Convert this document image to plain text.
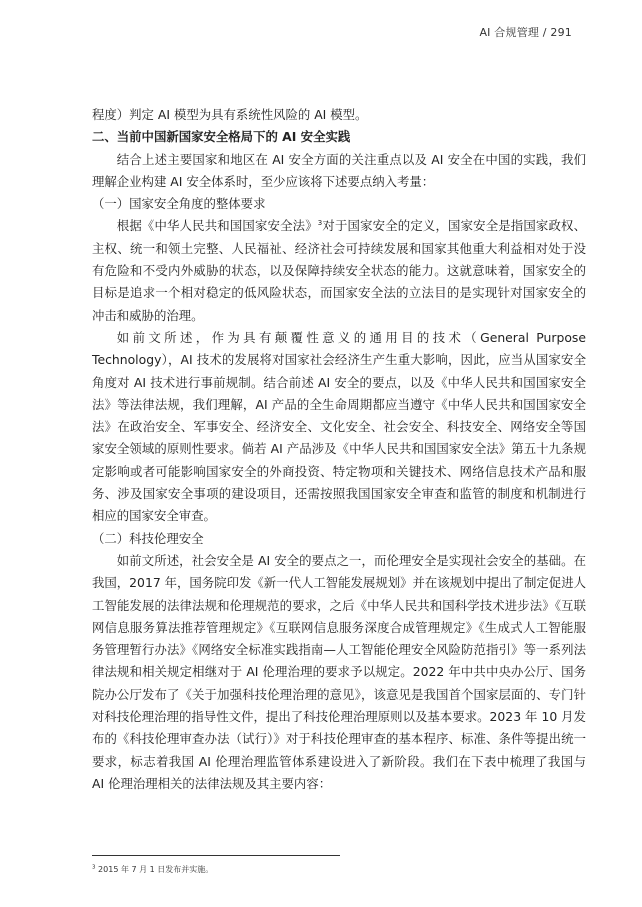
AI 合规管理 / 291

程度）判定 AI 模型为具有系统性风险的 AI 模型。

二、当前中国新国家安全格局下的 AI 安全实践

结合上述主要国家和地区在 AI 安全方面的关注重点以及 AI 安全在中国的实践，我们理解企业构建 AI 安全体系时，至少应该将下述要点纳入考量：

（一）国家安全角度的整体要求

根据《中华人民共和国国家安全法》$^3$对于国家安全的定义，国家安全是指国家政权、主权、统一和领土完整、人民福祉、经济社会可持续发展和国家其他重大利益相对处于没有危险和不受内外威胁的状态，以及保障持续安全状态的能力。这就意味着，国家安全的目标是追求一个相对稳定的低风险状态，而国家安全法的立法目的是实现针对国家安全的冲击和威胁的治理。

如前文所述，作为具有颠覆性意义的通用目的技术（General Purpose Technology），AI 技术的发展将对国家社会经济生产生重大影响，因此，应当从国家安全角度对 AI 技术进行事前规制。结合前述 AI 安全的要点，以及《中华人民共和国国家安全法》等法律法规，我们理解，AI 产品的全生命周期都应当遵守《中华人民共和国国家安全法》在政治安全、军事安全、经济安全、文化安全、社会安全、科技安全、网络安全等国家安全领域的原则性要求。倘若 AI 产品涉及《中华人民共和国国家安全法》第五十九条规定影响或者可能影响国家安全的外商投资、特定物项和关键技术、网络信息技术产品和服务、涉及国家安全事项的建设项目，还需按照我国国家安全审查和监管的制度和机制进行相应的国家安全审查。

（二）科技伦理安全

如前文所述，社会安全是 AI 安全的要点之一，而伦理安全是实现社会安全的基础。在我国，2017 年，国务院印发《新一代人工智能发展规划》并在该规划中提出了制定促进人工智能发展的法律法规和伦理规范的要求，之后《中华人民共和国科学技术进步法》《互联网信息服务算法推荐管理规定》《互联网信息服务深度合成管理规定》《生成式人工智能服务管理暂行办法》《网络安全标准实践指南—人工智能伦理安全风险防范指引》等一系列法律法规和相关规定相继对于 AI 伦理治理的要求予以规定。2022 年中共中央办公厅、国务院办公厅发布了《关于加强科技伦理治理的意见》，该意见是我国首个国家层面的、专门针对科技伦理治理的指导性文件，提出了科技伦理治理原则以及基本要求。2023 年 10 月发布的《科技伦理审查办法（试行）》对于科技伦理审查的基本程序、标准、条件等提出统一要求，标志着我国 AI 伦理治理监管体系建设进入了新阶段。我们在下表中梳理了我国与 AI 伦理治理相关的法律法规及其主要内容：

$^3$ 2015 年 7 月 1 日发布并实施。
